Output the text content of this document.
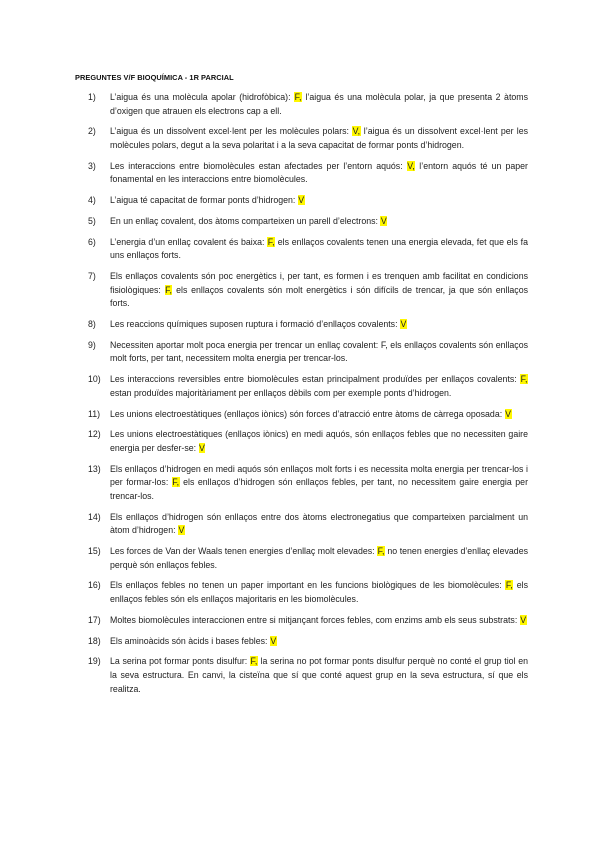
PREGUNTES V/F BIOQUÍMICA - 1R PARCIAL
1) L’aigua és una molècula apolar (hidrofòbica): F, l’aigua és una molècula polar, ja que presenta 2 àtoms d’oxigen que atrauen els electrons cap a ell.
2) L’aigua és un dissolvent excel·lent per les molècules polars: V, l’aigua és un dissolvent excel·lent per les molècules polars, degut a la seva polaritat i a la seva capacitat de formar ponts d’hidrogen.
3) Les interaccions entre biomolècules estan afectades per l’entorn aquós: V, l’entorn aquós té un paper fonamental en les interaccions entre biomolècules.
4) L’aigua té capacitat de formar ponts d’hidrogen: V
5) En un enllaç covalent, dos àtoms comparteixen un parell d’electrons: V
6) L’energia d’un enllaç covalent és baixa: F, els enllaços covalents tenen una energia elevada, fet que els fa uns enllaços forts.
7) Els enllaços covalents són poc energètics i, per tant, es formen i es trenquen amb facilitat en condicions fisiològiques: F, els enllaços covalents són molt energètics i són difícils de trencar, ja que són enllaços forts.
8) Les reaccions químiques suposen ruptura i formació d’enllaços covalents: V
9) Necessiten aportar molt poca energia per trencar un enllaç covalent: F, els enllaços covalents són enllaços molt forts, per tant, necessitem molta energia per trencar-los.
10) Les interaccions reversibles entre biomolècules estan principalment produïdes per enllaços covalents: F, estan produïdes majoritàriament per enllaços dèbils com per exemple ponts d’hidrogen.
11) Les unions electroestàtiques (enllaços iònics) són forces d’atracció entre àtoms de càrrega oposada: V
12) Les unions electroestàtiques (enllaços iònics) en medi aquós, són enllaços febles que no necessiten gaire energia per desfer-se: V
13) Els enllaços d’hidrogen en medi aquós són enllaços molt forts i es necessita molta energia per trencar-los i per formar-los: F, els enllaços d’hidrogen són enllaços febles, per tant, no necessitem gaire energia per trencar-los.
14) Els enllaços d’hidrogen són enllaços entre dos àtoms electronegatius que comparteixen parcialment un àtom d’hidrogen: V
15) Les forces de Van der Waals tenen energies d’enllaç molt elevades: F, no tenen energies d’enllaç elevades perquè són enllaços febles.
16) Els enllaços febles no tenen un paper important en les funcions biològiques de les biomolècules: F, els enllaços febles són els enllaços majoritaris en les biomolècules.
17) Moltes biomolècules interaccionen entre si mitjançant forces febles, com enzims amb els seus substrats: V
18) Els aminoàcids són àcids i bases febles: V
19) La serina pot formar ponts disulfur: F, la serina no pot formar ponts disulfur perquè no conté el grup tiol en la seva estructura. En canvi, la cisteïna que sí que conté aquest grup en la seva estructura, sí que els realitza.
